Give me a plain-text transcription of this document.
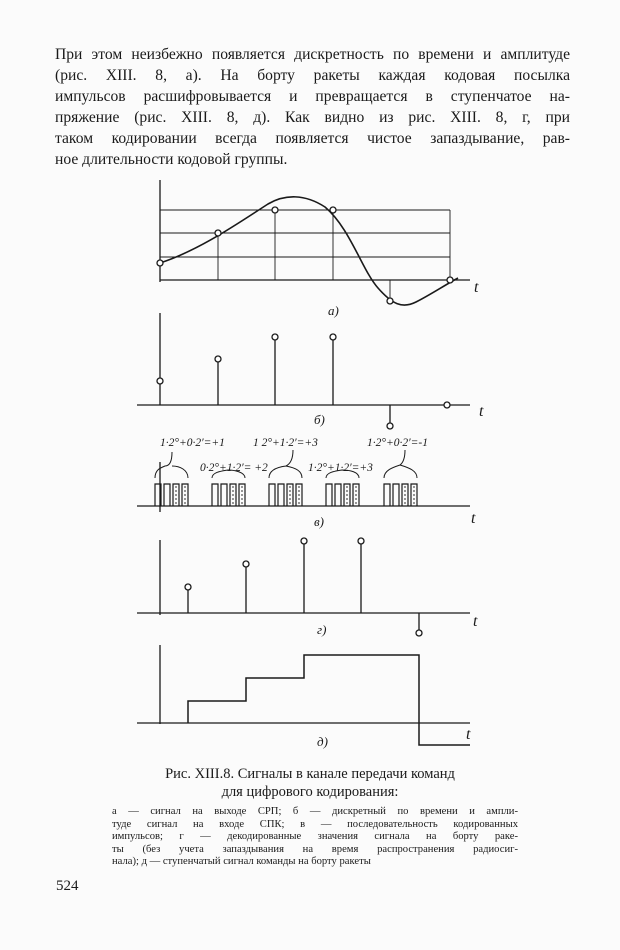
При этом неизбежно появляется дискретность по времени и амплитуде
(рис. XIII. 8, а). На борту ракеты каждая кодовая посылка
импульсов расшифровывается и превращается в ступенчатое на-
пряжение (рис. XIII. 8, д). Как видно из рис. XIII. 8, г, при
таком кодировании всегда появляется чистое запаздывание, рав-
ное длительности кодовой группы.

t
t
t
t
t
а)
б)
в)
г)
д)
1·2°+0·2′=+1
0·2°+1·2′= +2
1 2°+1·2′=+3
1·2°+1·2′=+3
1·2°+0·2′=-1
Рис. XIII.8. Сигналы в канале передачи команд
для цифрового кодирования:

а — сигнал на выходе СРП; б — дискретный по времени и ампли-
туде сигнал на входе СПК; в — последовательность кодированных
импульсов; г — декодированные значения сигнала на борту раке-
ты (без учета запаздывания на время распространения радиосиг-
нала); д — ступенчатый сигнал команды на борту ракеты

524
